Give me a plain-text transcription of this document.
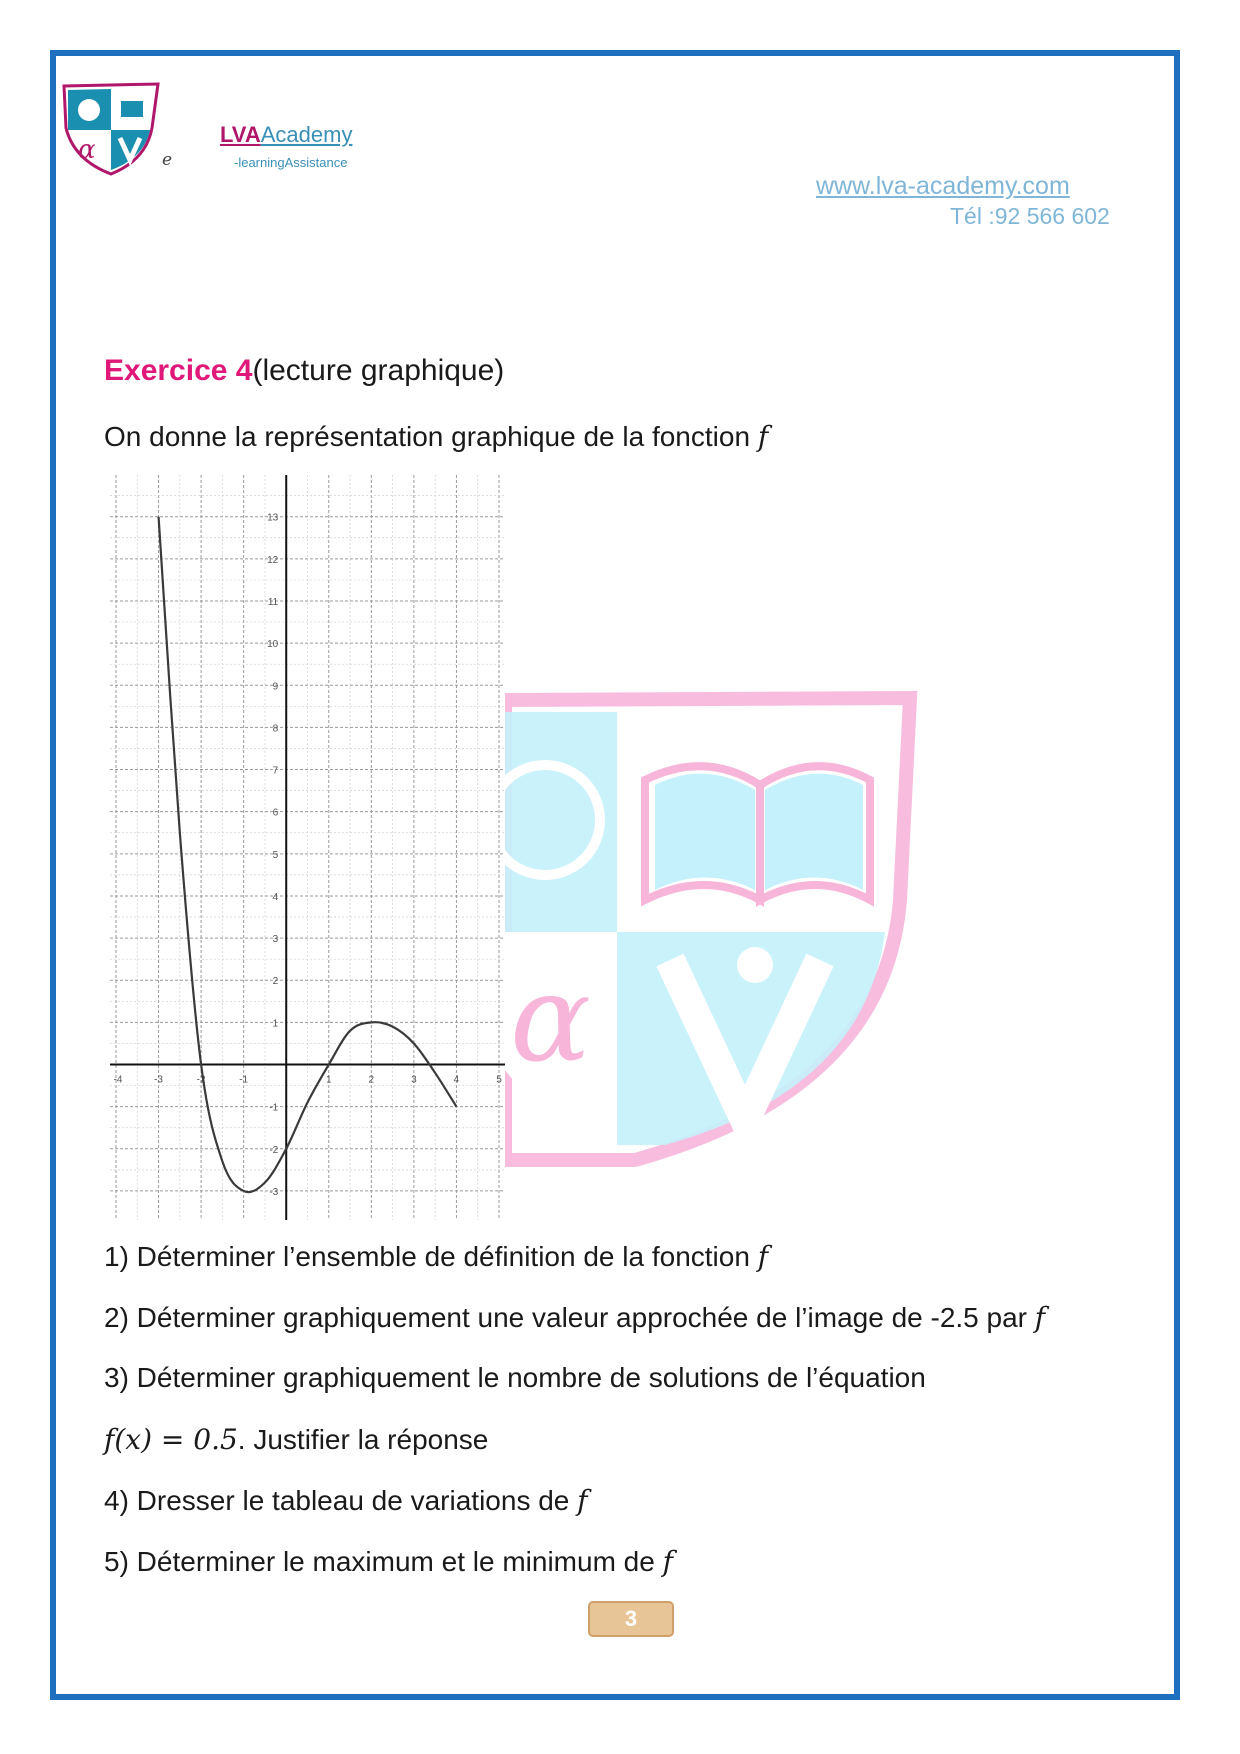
α	e
LVAAcademy
-learningAssistance
www.lva-academy.com
Tél :92 566 602
α
Exercice 4(lecture graphique)
On donne la représentation graphique de la fonction f
-4	-3	-2	-1	1	2	3	4	5
13
12
11
10
9
8
7
6
5
4
3
2
1
-1
-2
-3
1) Déterminer l’ensemble de définition de la fonction f
2) Déterminer graphiquement une valeur approchée de l’image de -2.5 par f
3) Déterminer graphiquement le nombre de solutions de l’équation
f(x) = 0.5. Justifier la réponse
4) Dresser le tableau de variations de f
5) Déterminer le maximum et le minimum de f
3
